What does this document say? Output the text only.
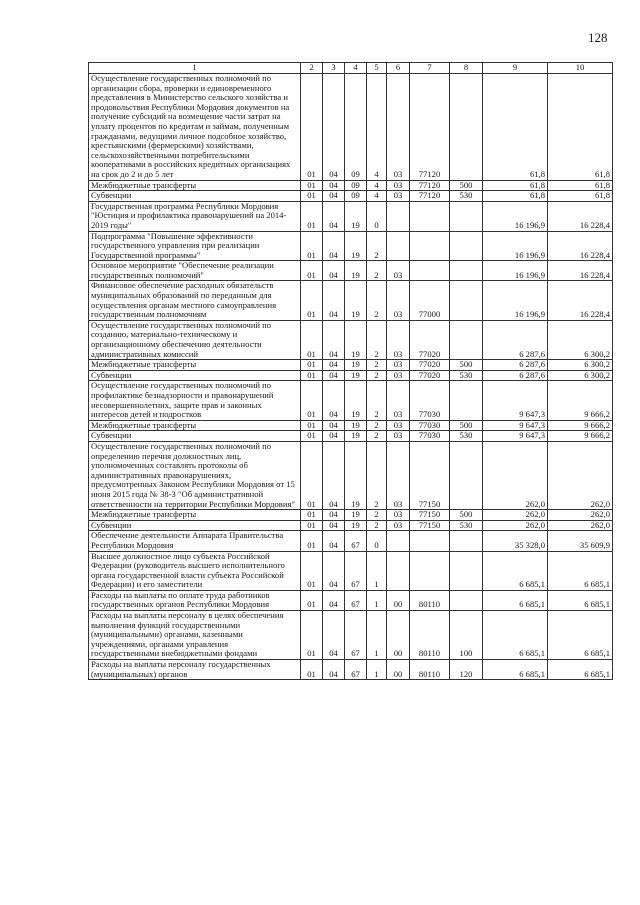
128
1	2	3	4	5	6	7	8	9	10
Осуществление государственных полномочий по организации сбора, проверки и единовременного представления в Министерство сельского хозяйства и продовольствия Республики Мордовия документов на получение субсидий на возмещение части затрат на уплату процентов по кредитам и займам, полученным гражданами, ведущими личное подсобное хозяйство, крестьянскими (фермерскими) хозяйствами, сельскохозяйственными потребительскими кооперативами в российских кредитных организациях на срок до 2 и до 5 лет	01	04	09	4	03	77120		61,8	61,8
Межбюджетные трансферты	01	04	09	4	03	77120	500	61,8	61,8
Субвенции	01	04	09	4	03	77120	530	61,8	61,8
Государственная программа Республики Мордовия "Юстиция и профилактика правонарушений на 2014-2019 годы"	01	04	19	0				16 196,9	16 228,4
Подпрограмма "Повышение эффективности государственного управления при реализации Государственной программы"	01	04	19	2				16 196,9	16 228,4
Основное мероприятие "Обеспечение реализации государственных полномочий"	01	04	19	2	03			16 196,9	16 228,4
Финансовое обеспечение расходных обязательств муниципальных образований по переданным для осуществления органам местного самоуправления государственным полномочиям	01	04	19	2	03	77000		16 196,9	16 228,4
Осуществление государственных полномочий по созданию, материально-техническому и организационному обеспечению деятельности административных комиссий	01	04	19	2	03	77020		6 287,6	6 300,2
Межбюджетные трансферты	01	04	19	2	03	77020	500	6 287,6	6 300,2
Субвенции	01	04	19	2	03	77020	530	6 287,6	6 300,2
Осуществление государственных полномочий по профилактике безнадзорности и правонарушений несовершеннолетних, защите прав и законных интересов детей и подростков	01	04	19	2	03	77030		9 647,3	9 666,2
Межбюджетные трансферты	01	04	19	2	03	77030	500	9 647,3	9 666,2
Субвенции	01	04	19	2	03	77030	530	9 647,3	9 666,2
Осуществление государственных полномочий по определению перечня должностных лиц, уполномоченных составлять протоколы об административных правонарушениях, предусмотренных Законом Республики Мордовия от 15 июня 2015 года № 38-З "Об административной ответственности на территории Республики Мордовия"	01	04	19	2	03	77150		262,0	262,0
Межбюджетные трансферты	01	04	19	2	03	77150	500	262,0	262,0
Субвенции	01	04	19	2	03	77150	530	262,0	262,0
Обеспечение деятельности Аппарата Правительства Республики Мордовия	01	04	67	0				35 328,0	35 609,9
Высшее должностное лицо субъекта Российской Федерации (руководитель высшего исполнительного органа государственной власти субъекта Российской Федерации) и его заместители	01	04	67	1				6 685,1	6 685,1
Расходы на выплаты по оплате труда работников государственных органов Республики Мордовия	01	04	67	1	00	80110		6 685,1	6 685,1
Расходы на выплаты персоналу в целях обеспечения выполнения функций государственными (муниципальными) органами, казенными учреждениями, органами управления государственными внебюджетными фондами	01	04	67	1	00	80110	100	6 685,1	6 685,1
Расходы на выплаты персоналу государственных (муниципальных) органов	01	04	67	1	00	80110	120	6 685,1	6 685,1
